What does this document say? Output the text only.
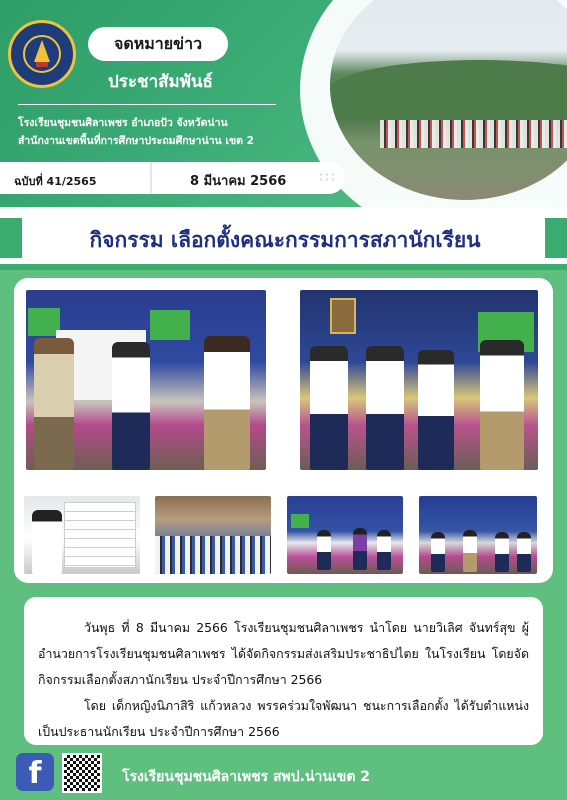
จดหมายข่าว
ประชาสัมพันธ์
โรงเรียนชุมชนศิลาเพชร อำเภอปัว จังหวัดน่าน
สำนักงานเขตพื้นที่การศึกษาประถมศึกษาน่าน เขต 2
ฉบับที่ 41/2565	8 มีนาคม 2566
กิจกรรม เลือกตั้งคณะกรรมการสภานักเรียน

วันพุธ ที่ 8 มีนาคม 2566 โรงเรียนชุมชนศิลาเพชร นำโดย นายวิเลิศ จันทร์สุข ผู้อำนวยการโรงเรียนชุมชนศิลาเพชร ได้จัดกิจกรรมส่งเสริมประชาธิปไตย ในโรงเรียน โดยจัดกิจกรรมเลือกตั้งสภานักเรียน ประจำปีการศึกษา 2566

โดย เด็กหญิงนิภาสิริ แก้วหลวง พรรคร่วมใจพัฒนา ชนะการเลือกตั้ง ได้รับตำแหน่งเป็นประธานนักเรียน ประจำปีการศึกษา 2566

f	โรงเรียนชุมชนศิลาเพชร สพป.น่านเขต 2
